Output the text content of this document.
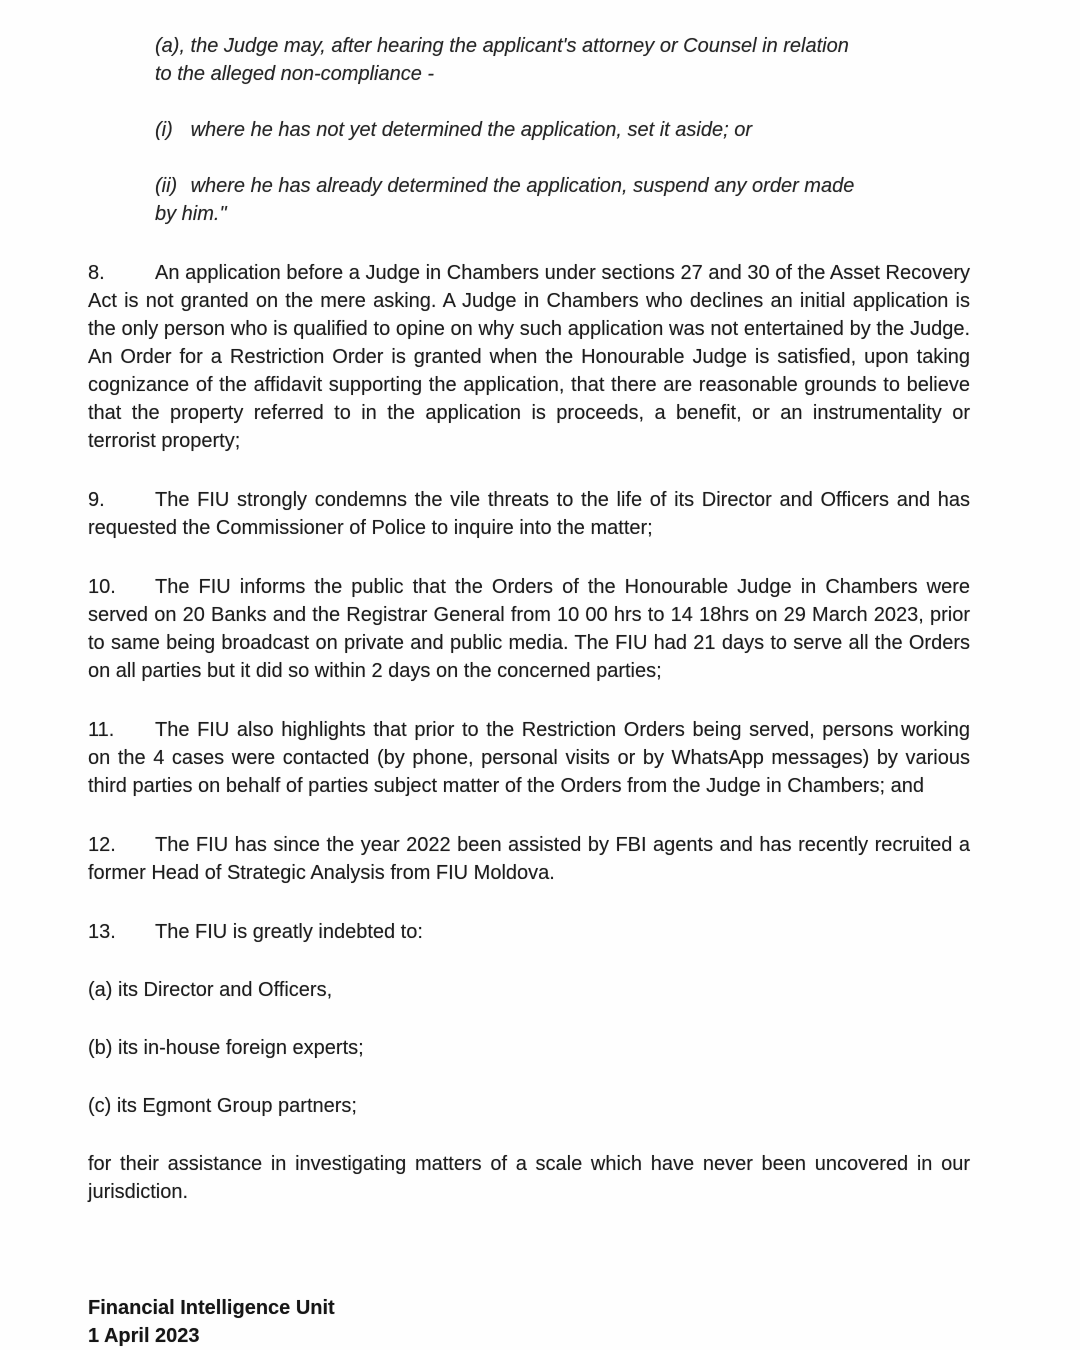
(a), the Judge may, after hearing the applicant's attorney or Counsel in relation to the alleged non-compliance -

(i) where he has not yet determined the application, set it aside; or

(ii) where he has already determined the application, suspend any order made by him."

8.	An application before a Judge in Chambers under sections 27 and 30 of the Asset Recovery Act is not granted on the mere asking. A Judge in Chambers who declines an initial application is the only person who is qualified to opine on why such application was not entertained by the Judge. An Order for a Restriction Order is granted when the Honourable Judge is satisfied, upon taking cognizance of the affidavit supporting the application, that there are reasonable grounds to believe that the property referred to in the application is proceeds, a benefit, or an instrumentality or terrorist property;

9.	The FIU strongly condemns the vile threats to the life of its Director and Officers and has requested the Commissioner of Police to inquire into the matter;

10. The FIU informs the public that the Orders of the Honourable Judge in Chambers were served on 20 Banks and the Registrar General from 10 00 hrs to 14 18hrs on 29 March 2023, prior to same being broadcast on private and public media. The FIU had 21 days to serve all the Orders on all parties but it did so within 2 days on the concerned parties;

11. The FIU also highlights that prior to the Restriction Orders being served, persons working on the 4 cases were contacted (by phone, personal visits or by WhatsApp messages) by various third parties on behalf of parties subject matter of the Orders from the Judge in Chambers; and

12. The FIU has since the year 2022 been assisted by FBI agents and has recently recruited a former Head of Strategic Analysis from FIU Moldova.

13. The FIU is greatly indebted to:

(a) its Director and Officers,

(b) its in-house foreign experts;

(c) its Egmont Group partners;

for their assistance in investigating matters of a scale which have never been uncovered in our jurisdiction.

Financial Intelligence Unit
1 April 2023
